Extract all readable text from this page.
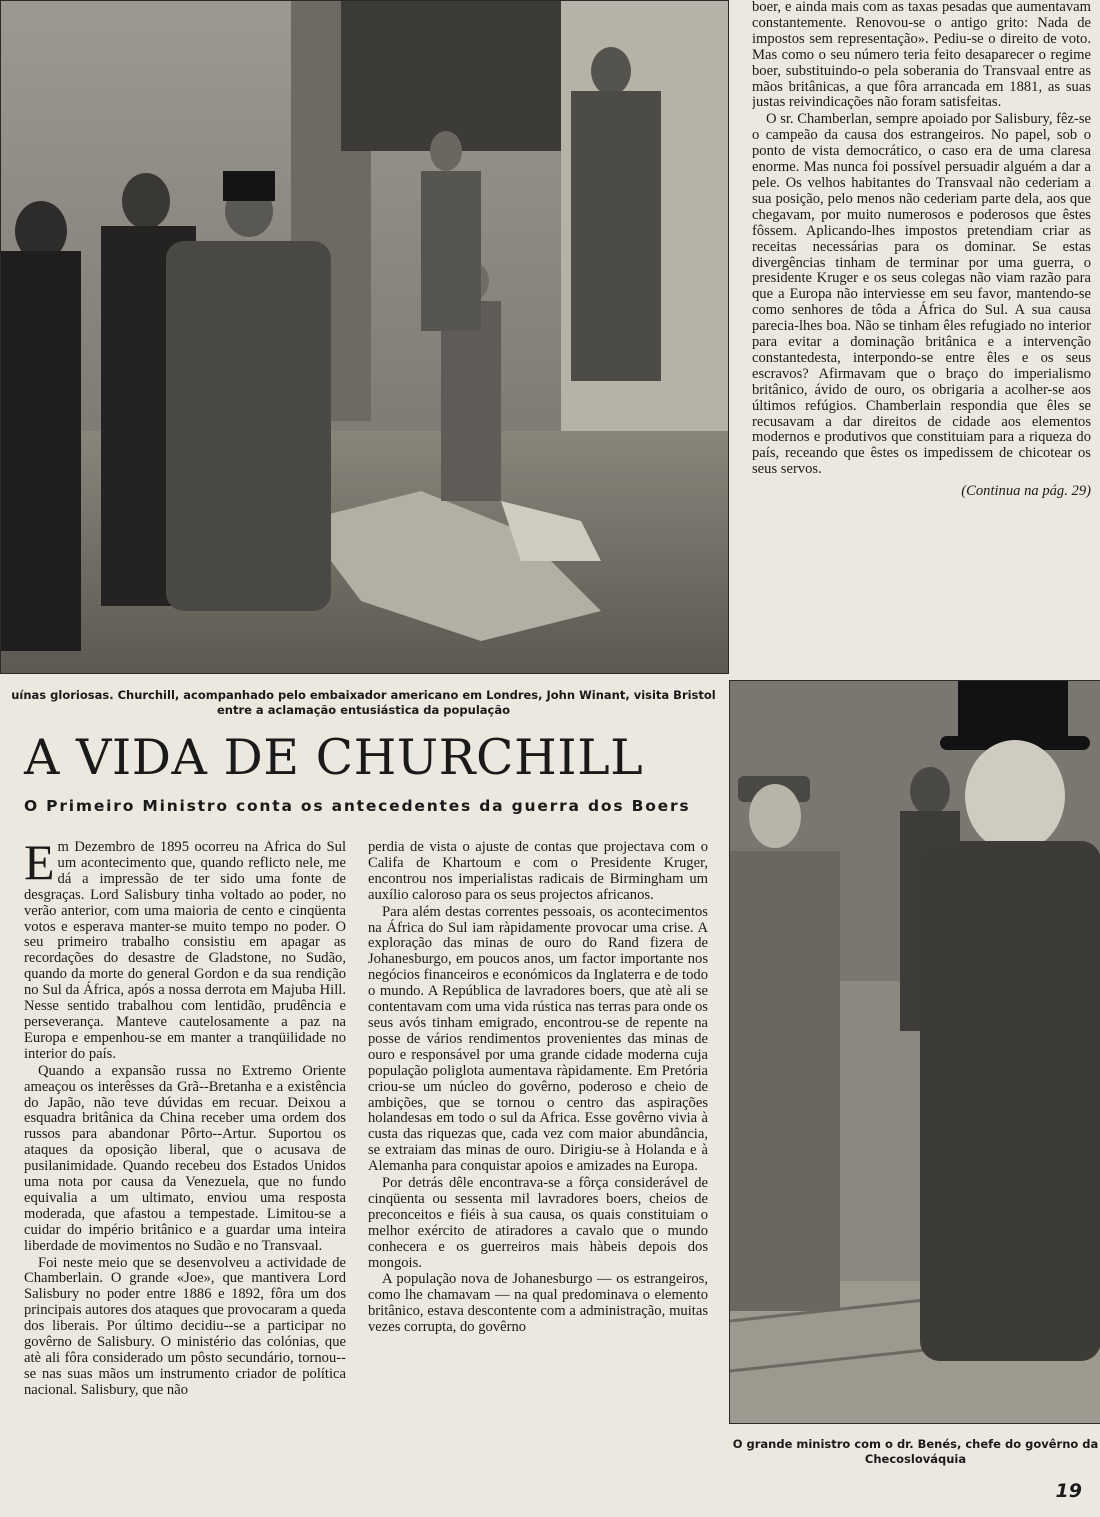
boer, e ainda mais com as taxas pesadas que aumentavam constantemente. Renovou-se o antigo grito: Nada de impostos sem representação». Pediu-se o direito de voto. Mas como o seu número teria feito desaparecer o regime boer, substituindo-o pela soberania do Transvaal entre as mãos britânicas, a que fôra arrancada em 1881, as suas justas reivindicações não foram satisfeitas.

O sr. Chamberlan, sempre apoiado por Salisbury, fêz-se o campeão da causa dos estrangeiros. No papel, sob o ponto de vista democrático, o caso era de uma claresa enorme. Mas nunca foi possível persuadir alguém a dar a pele. Os velhos habitantes do Transvaal não cederiam a sua posição, pelo menos não cederiam parte dela, aos que chegavam, por muito numerosos e poderosos que êstes fôssem. Aplicando-lhes impostos pretendiam criar as receitas necessárias para os dominar. Se estas divergências tinham de terminar por uma guerra, o presidente Kruger e os seus colegas não viam razão para que a Europa não interviesse em seu favor, mantendo-se como senhores de tôda a África do Sul. A sua causa parecia-lhes boa. Não se tinham êles refugiado no interior para evitar a dominação britânica e a intervenção constantedesta, interpondo-se entre êles e os seus escravos? Afirmavam que o braço do imperialismo britânico, ávido de ouro, os obrigaria a acolher-se aos últimos refúgios. Chamberlain respondia que êles se recusavam a dar direitos de cidade aos elementos modernos e produtivos que constituiam para a riqueza do país, receando que êstes os impedissem de chicotear os seus servos.

(Continua na pág. 29)

uínas gloriosas. Churchill, acompanhado pelo embaixador americano em Londres, John Winant, visita Bristol entre a aclamação entusiástica da população
A VIDA DE CHURCHILL
O Primeiro Ministro conta os antecedentes da guerra dos Boers

Em Dezembro de 1895 ocorreu na África do Sul um acontecimento que, quando reflicto nele, me dá a impressão de ter sido uma fonte de desgraças. Lord Salisbury tinha voltado ao poder, no verão anterior, com uma maioria de cento e cinqüenta votos e esperava manter-se muito tempo no poder. O seu primeiro trabalho consistiu em apagar as recordações do desastre de Gladstone, no Sudão, quando da morte do general Gordon e da sua rendição no Sul da África, após a nossa derrota em Majuba Hill. Nesse sentido trabalhou com lentidão, prudência e perseverança. Manteve cautelosamente a paz na Europa e empenhou-se em manter a tranqüilidade no interior do país.

Quando a expansão russa no Extremo Oriente ameaçou os interêsses da Grã--Bretanha e a existência do Japão, não teve dúvidas em recuar. Deixou a esquadra britânica da China receber uma ordem dos russos para abandonar Pôrto--Artur. Suportou os ataques da oposição liberal, que o acusava de pusilanimidade. Quando recebeu dos Estados Unidos uma nota por causa da Venezuela, que no fundo equivalia a um ultimato, enviou uma resposta moderada, que afastou a tempestade. Limitou-se a cuidar do império britânico e a guardar uma inteira liberdade de movimentos no Sudão e no Transvaal.

Foi neste meio que se desenvolveu a actividade de Chamberlain. O grande «Joe», que mantivera Lord Salisbury no poder entre 1886 e 1892, fôra um dos principais autores dos ataques que provocaram a queda dos liberais. Por último decidiu--se a participar no govêrno de Salisbury. O ministério das colónias, que atè ali fôra considerado um pôsto secundário, tornou--se nas suas mãos um instrumento criador de política nacional. Salisbury, que não

perdia de vista o ajuste de contas que projectava com o Califa de Khartoum e com o Presidente Kruger, encontrou nos imperialistas radicais de Birmingham um auxílio caloroso para os seus projectos africanos.

Para além destas correntes pessoais, os acontecimentos na África do Sul iam ràpidamente provocar uma crise. A exploração das minas de ouro do Rand fizera de Johanesburgo, em poucos anos, um factor importante nos negócios financeiros e económicos da Inglaterra e de todo o mundo. A República de lavradores boers, que atè ali se contentavam com uma vida rústica nas terras para onde os seus avós tinham emigrado, encontrou-se de repente na posse de vários rendimentos provenientes das minas de ouro e responsável por uma grande cidade moderna cuja população poliglota aumentava ràpidamente. Em Pretória criou-se um núcleo do govêrno, poderoso e cheio de ambições, que se tornou o centro das aspirações holandesas em todo o sul da Africa. Esse govêrno vivia à custa das riquezas que, cada vez com maior abundância, se extraiam das minas de ouro. Dirigiu-se à Holanda e à Alemanha para conquistar apoios e amizades na Europa.

Por detrás dêle encontrava-se a fôrça considerável de cinqüenta ou sessenta mil lavradores boers, cheios de preconceitos e fiéis à sua causa, os quais constituiam o melhor exército de atiradores a cavalo que o mundo conhecera e os guerreiros mais hàbeis depois dos mongois.

A população nova de Johanesburgo — os estrangeiros, como lhe chamavam — na qual predominava o elemento britânico, estava descontente com a administração, muitas vezes corrupta, do govêrno

O grande ministro com o dr. Benés, chefe do govêrno da Checoslováquia
19
